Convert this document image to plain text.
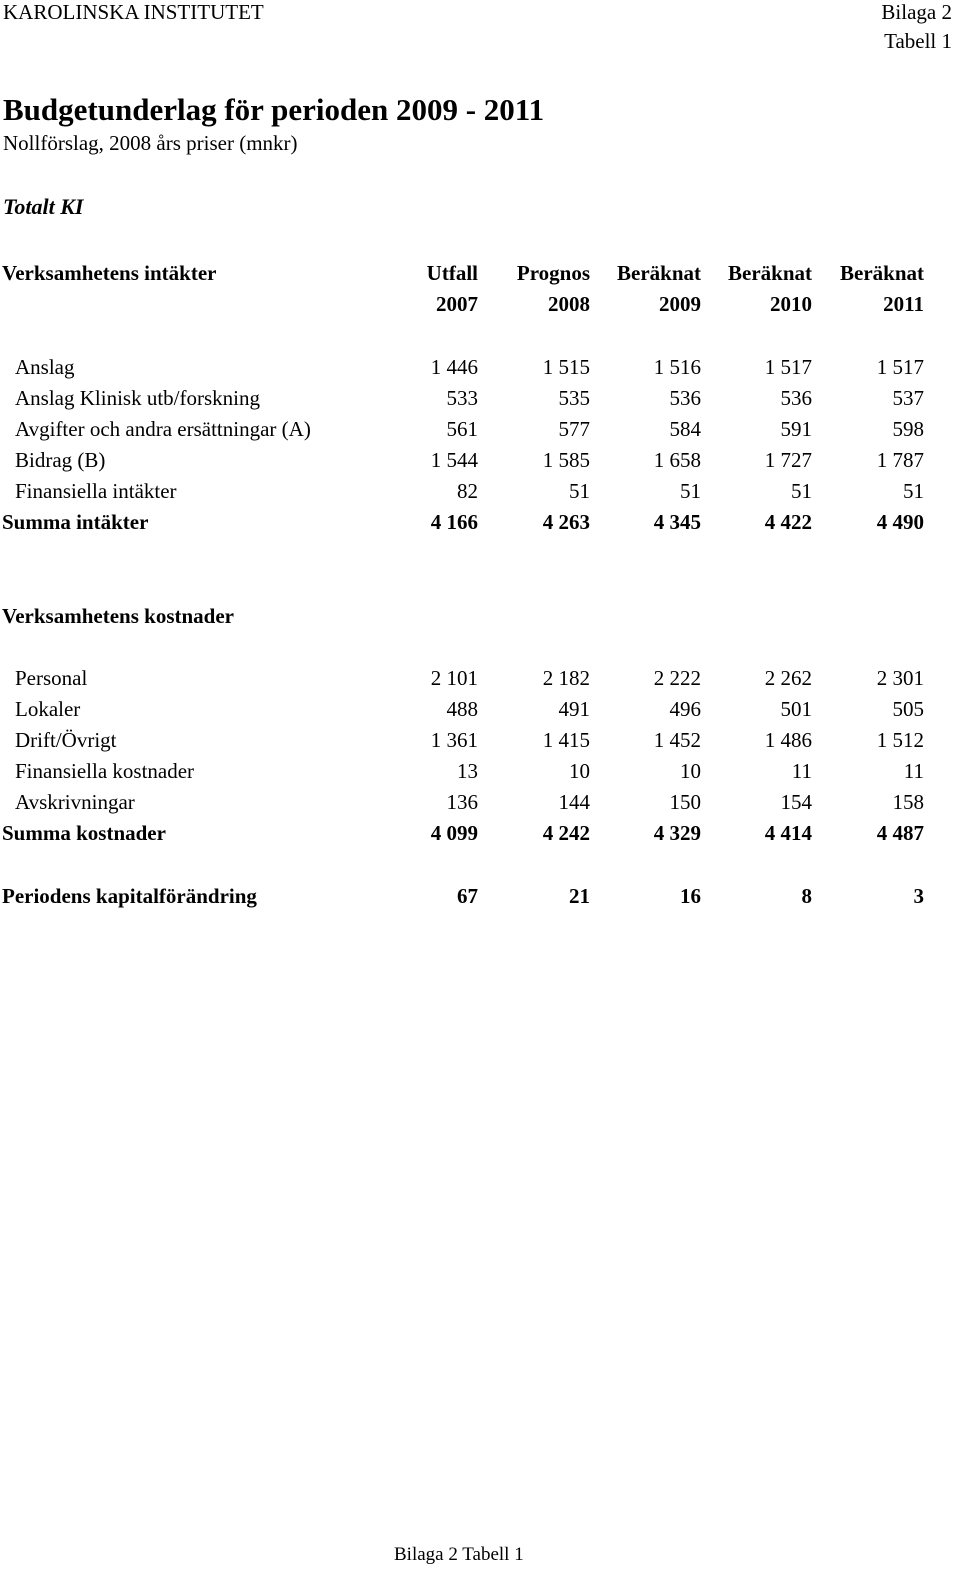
KAROLINSKA INSTITUTET	Bilaga 2
Tabell 1
Budgetunderlag för perioden 2009 - 2011
Nollförslag, 2008 års priser (mnkr)
Totalt KI
Verksamhetens intäkter	Utfall	Prognos	Beräknat	Beräknat	Beräknat
2007	2008	2009	2010	2011
Anslag	1 446	1 515	1 516	1 517	1 517
Anslag Klinisk utb/forskning	533	535	536	536	537
Avgifter och andra ersättningar (A)	561	577	584	591	598
Bidrag (B)	1 544	1 585	1 658	1 727	1 787
Finansiella intäkter	82	51	51	51	51
Summa intäkter	4 166	4 263	4 345	4 422	4 490
Verksamhetens kostnader
Personal	2 101	2 182	2 222	2 262	2 301
Lokaler	488	491	496	501	505
Drift/Övrigt	1 361	1 415	1 452	1 486	1 512
Finansiella kostnader	13	10	10	11	11
Avskrivningar	136	144	150	154	158
Summa kostnader	4 099	4 242	4 329	4 414	4 487
Periodens kapitalförändring	67	21	16	8	3
Bilaga 2 Tabell 1
